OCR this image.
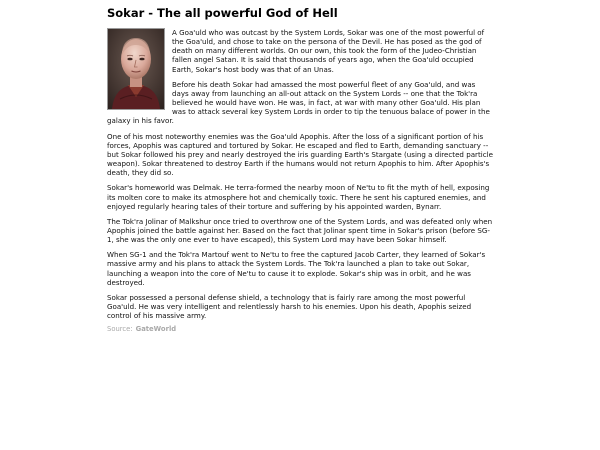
Sokar - The all powerful God of Hell

A Goa'uld who was outcast by the System Lords, Sokar was one of the most powerful of the Goa'uld, and chose to take on the persona of the Devil. He has posed as the god of death on many different worlds. On our own, this took the form of the Judeo-Christian fallen angel Satan. It is said that thousands of years ago, when the Goa'uld occupied Earth, Sokar's host body was that of an Unas.

Before his death Sokar had amassed the most powerful fleet of any Goa'uld, and was days away from launching an all-out attack on the System Lords -- one that the Tok'ra believed he would have won. He was, in fact, at war with many other Goa'uld. His plan was to attack several key System Lords in order to tip the tenuous balace of power in the galaxy in his favor.

One of his most noteworthy enemies was the Goa'uld Apophis. After the loss of a significant portion of his forces, Apophis was captured and tortured by Sokar. He escaped and fled to Earth, demanding sanctuary -- but Sokar followed his prey and nearly destroyed the iris guarding Earth's Stargate (using a directed particle weapon). Sokar threatened to destroy Earth if the humans would not return Apophis to him. After Apophis's death, they did so.

Sokar's homeworld was Delmak. He terra-formed the nearby moon of Ne'tu to fit the myth of hell, exposing its molten core to make its atmosphere hot and chemically toxic. There he sent his captured enemies, and enjoyed regularly hearing tales of their torture and suffering by his appointed warden, Bynarr.

The Tok'ra Jolinar of Malkshur once tried to overthrow one of the System Lords, and was defeated only when Apophis joined the battle against her. Based on the fact that Jolinar spent time in Sokar's prison (before SG-1, she was the only one ever to have escaped), this System Lord may have been Sokar himself.

When SG-1 and the Tok'ra Martouf went to Ne'tu to free the captured Jacob Carter, they learned of Sokar's massive army and his plans to attack the System Lords. The Tok'ra launched a plan to take out Sokar, launching a weapon into the core of Ne'tu to cause it to explode. Sokar's ship was in orbit, and he was destroyed.

Sokar possessed a personal defense shield, a technology that is fairly rare among the most powerful Goa'uld. He was very intelligent and relentlessly harsh to his enemies. Upon his death, Apophis seized control of his massive army.

Source: GateWorld
